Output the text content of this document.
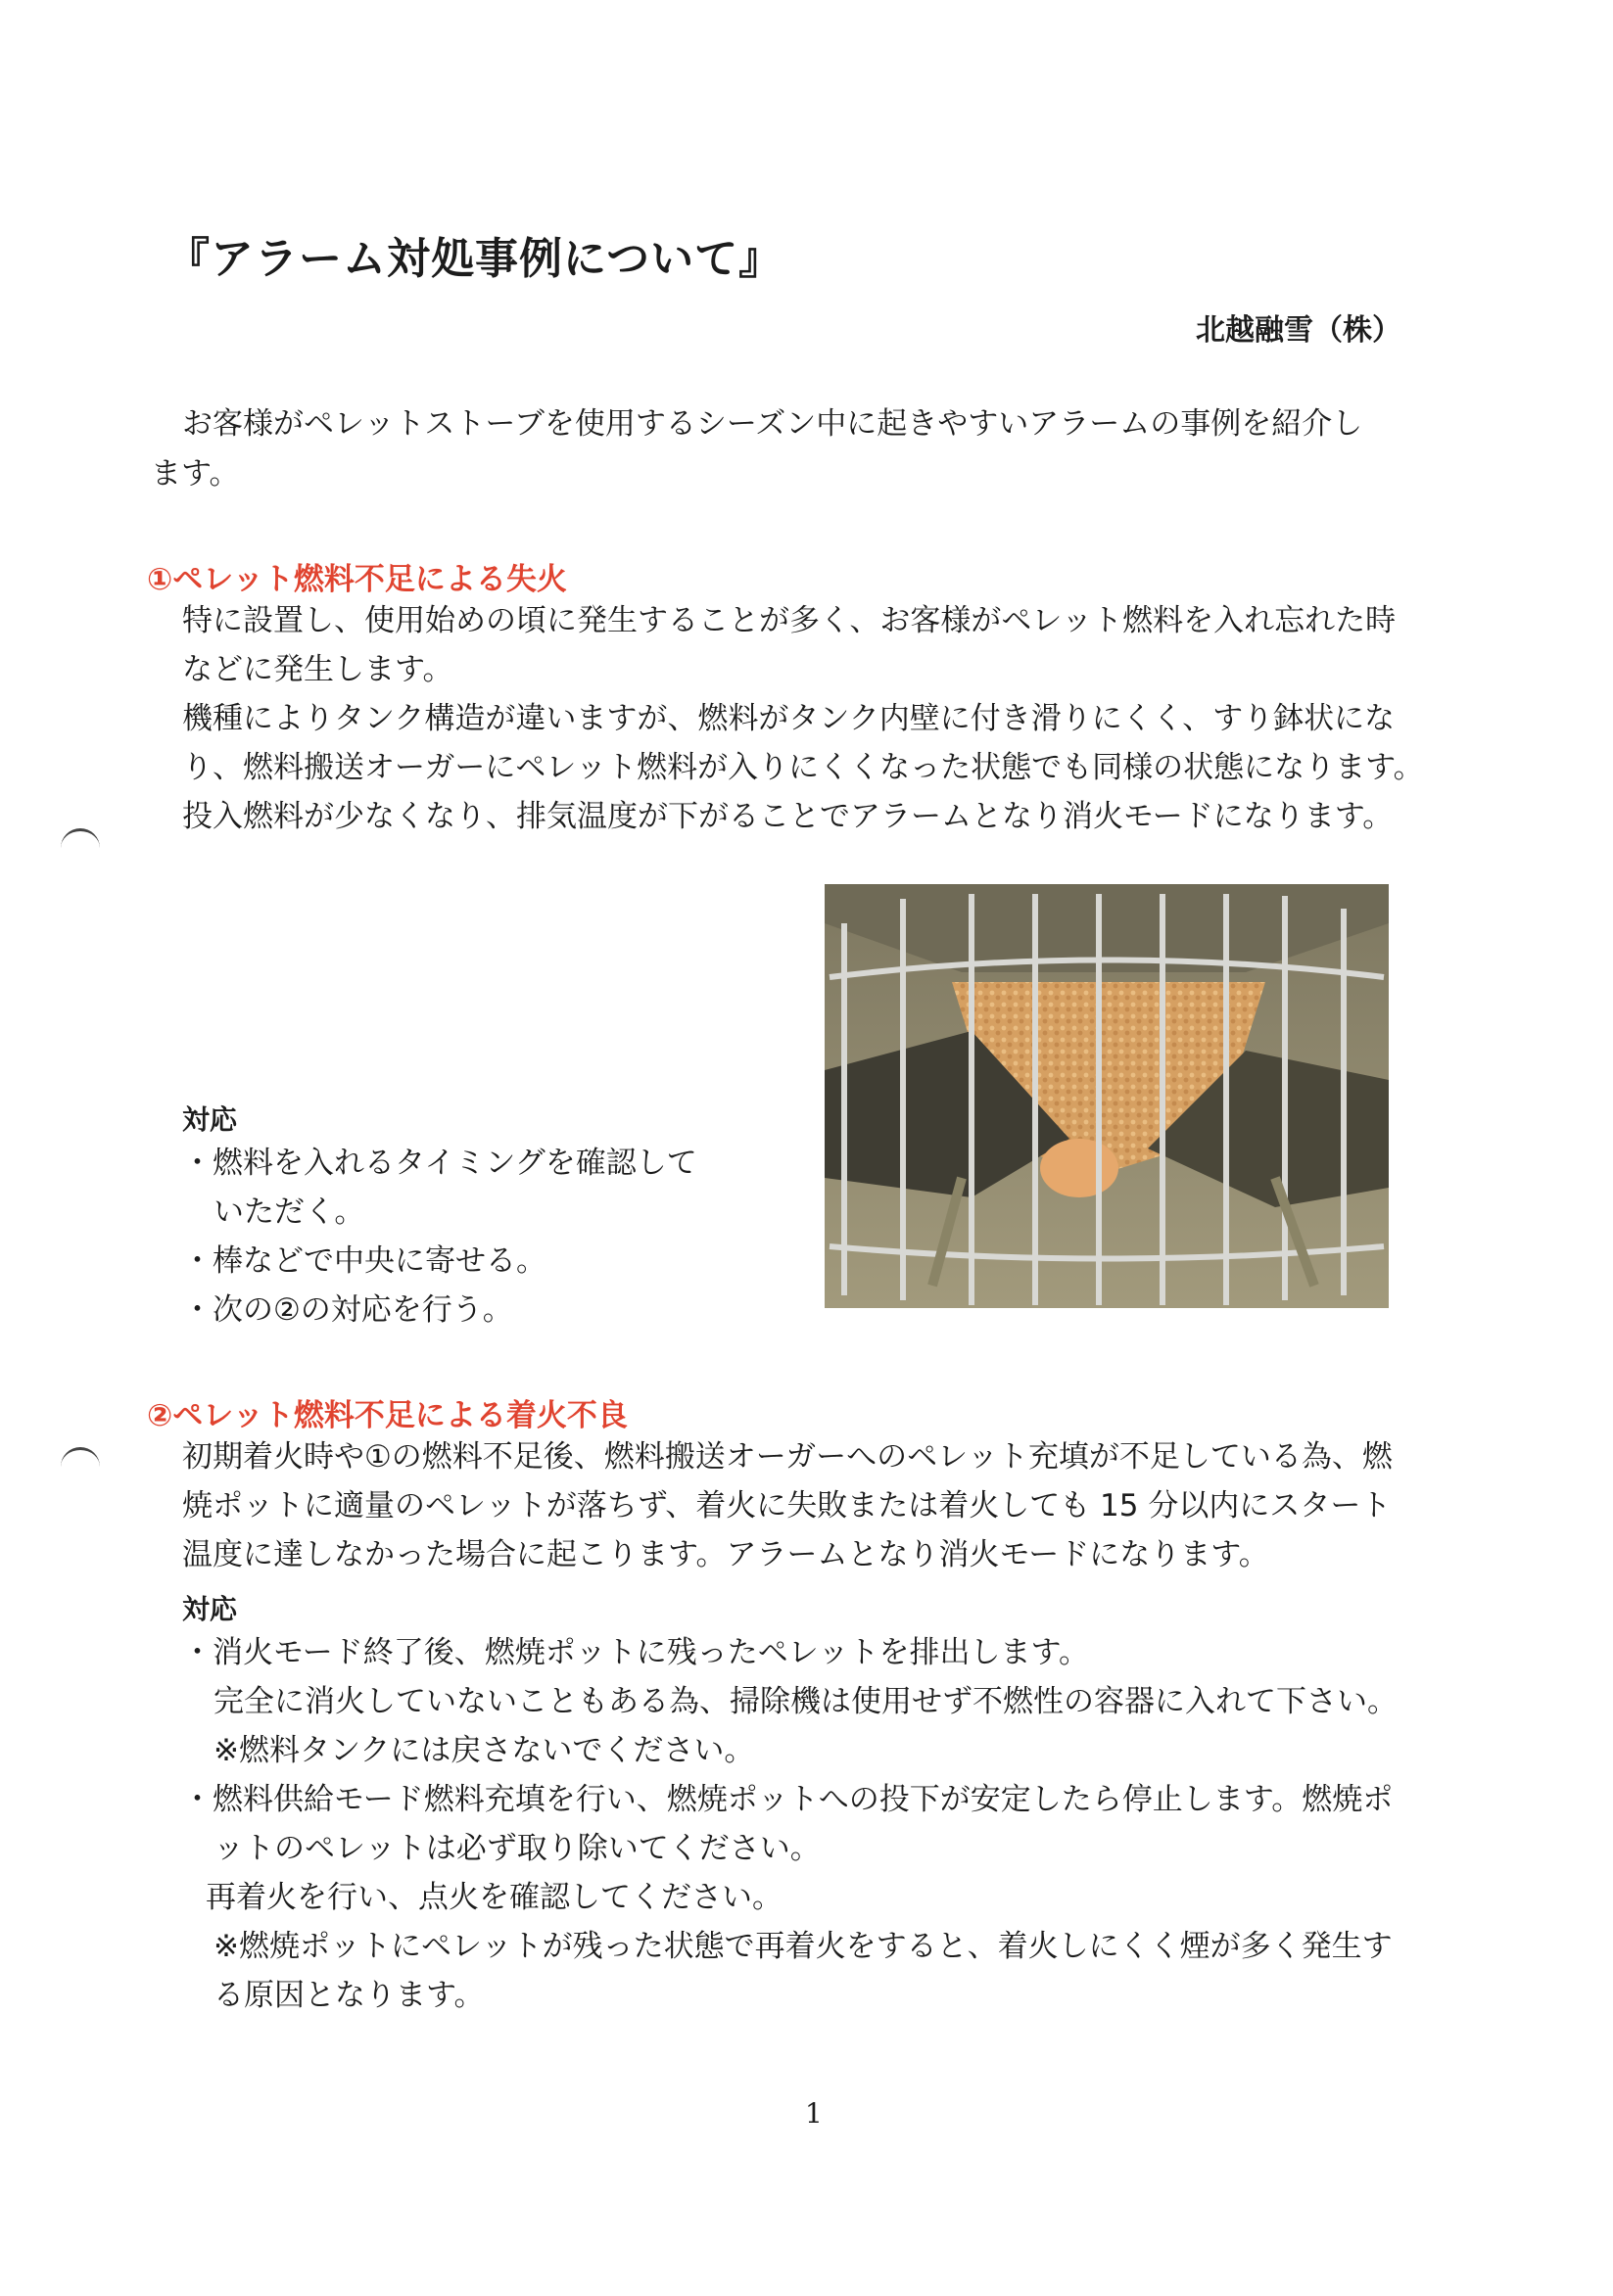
『アラーム対処事例について』
北越融雪（株）
お客様がペレットストーブを使用するシーズン中に起きやすいアラームの事例を紹介し
ます。
①ペレット燃料不足による失火
特に設置し、使用始めの頃に発生することが多く、お客様がペレット燃料を入れ忘れた時
などに発生します。
機種によりタンク構造が違いますが、燃料がタンク内壁に付き滑りにくく、すり鉢状にな
り、燃料搬送オーガーにペレット燃料が入りにくくなった状態でも同様の状態になります。
投入燃料が少なくなり、排気温度が下がることでアラームとなり消火モードになります。
対応
・燃料を入れるタイミングを確認して
いただく。
・棒などで中央に寄せる。
・次の②の対応を行う。
②ペレット燃料不足による着火不良
初期着火時や①の燃料不足後、燃料搬送オーガーへのペレット充填が不足している為、燃
焼ポットに適量のペレットが落ちず、着火に失敗または着火しても 15 分以内にスタート
温度に達しなかった場合に起こります。アラームとなり消火モードになります。
対応
・消火モード終了後、燃焼ポットに残ったペレットを排出します。
完全に消火していないこともある為、掃除機は使用せず不燃性の容器に入れて下さい。
※燃料タンクには戻さないでください。
・燃料供給モード燃料充填を行い、燃焼ポットへの投下が安定したら停止します。燃焼ポ
ットのペレットは必ず取り除いてください。
再着火を行い、点火を確認してください。
※燃焼ポットにペレットが残った状態で再着火をすると、着火しにくく煙が多く発生す
る原因となります。
1
